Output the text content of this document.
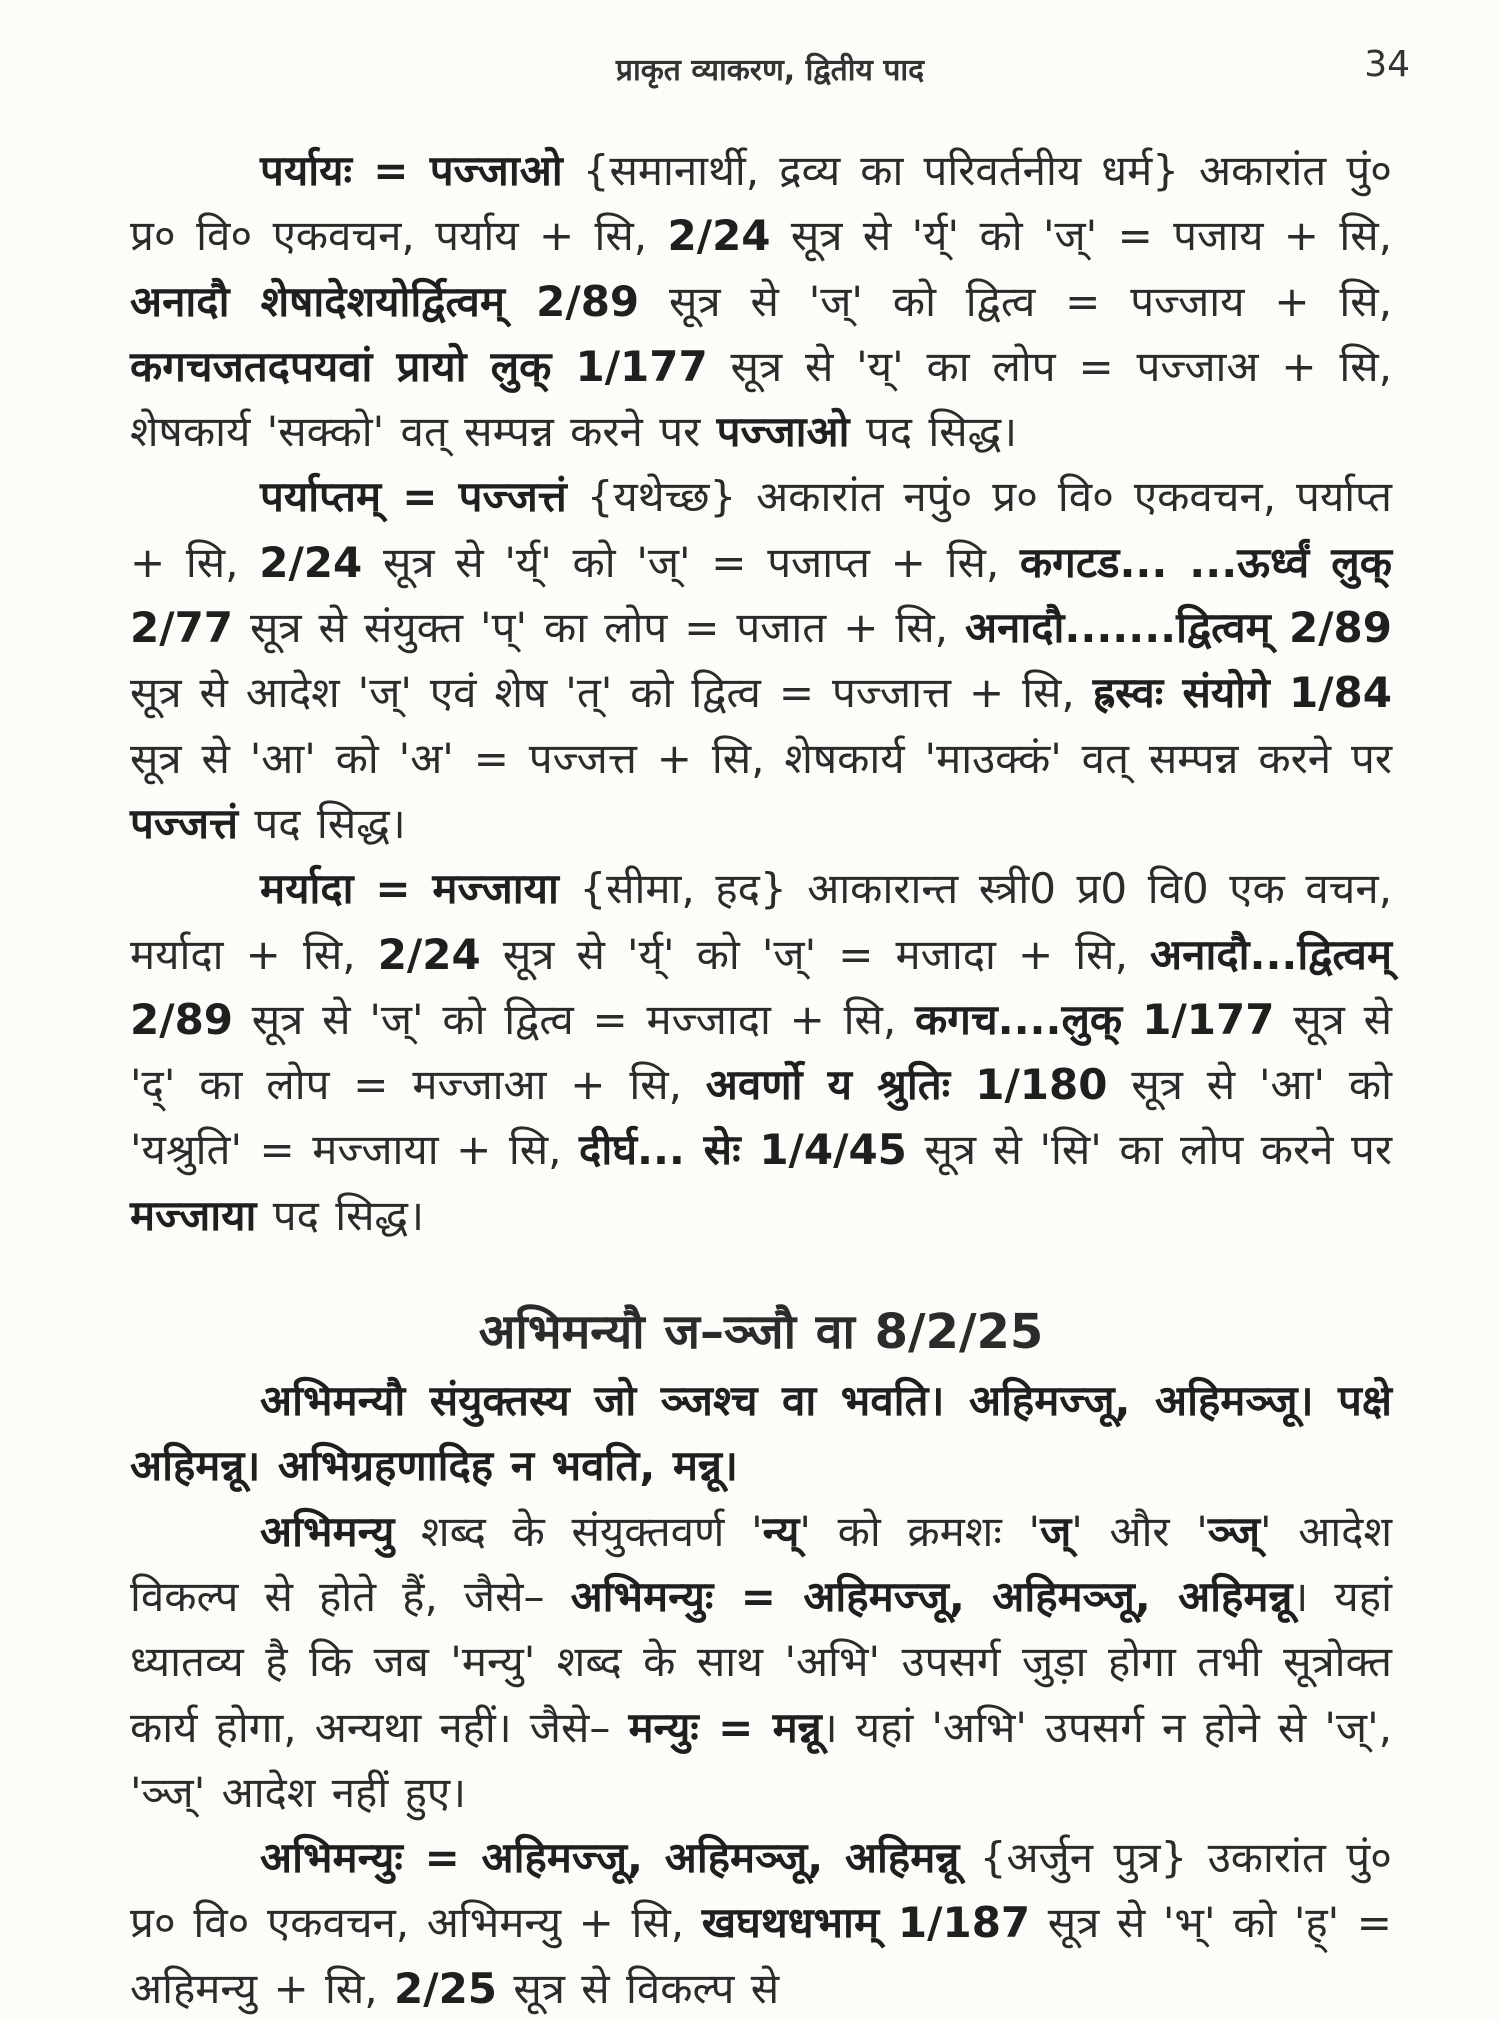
प्राकृत व्याकरण, द्वितीय पाद	34

पर्यायः = पज्जाओ {समानार्थी, द्रव्य का परिवर्तनीय धर्म} अकारांत पुं० प्र० वि० एकवचन, पर्याय + सि, 2/24 सूत्र से 'र्य्' को 'ज्' = पजाय + सि, अनादौ शेषादेशयोर्द्वित्वम् 2/89 सूत्र से 'ज्' को द्वित्व = पज्जाय + सि, कगचजतदपयवां प्रायो लुक् 1/177 सूत्र से 'य्' का लोप = पज्जाअ + सि, शेषकार्य 'सक्को' वत् सम्पन्न करने पर पज्जाओ पद सिद्ध।

पर्याप्तम् = पज्जत्तं {यथेच्छ} अकारांत नपुं० प्र० वि० एकवचन, पर्याप्त + सि, 2/24 सूत्र से 'र्य्' को 'ज्' = पजाप्त + सि, कगटड... ...ऊर्ध्वं लुक् 2/77 सूत्र से संयुक्त 'प्' का लोप = पजात + सि, अनादौ.......द्वित्वम् 2/89 सूत्र से आदेश 'ज्' एवं शेष 'त्' को द्वित्व = पज्जात्त + सि, ह्रस्वः संयोगे 1/84 सूत्र से 'आ' को 'अ' = पज्जत्त + सि, शेषकार्य 'माउक्कं' वत् सम्पन्न करने पर पज्जत्तं पद सिद्ध।

मर्यादा = मज्जाया {सीमा, हद} आकारान्त स्त्री0 प्र0 वि0 एक वचन, मर्यादा + सि, 2/24 सूत्र से 'र्य्' को 'ज्' = मजादा + सि, अनादौ...द्वित्वम् 2/89 सूत्र से 'ज्' को द्वित्व = मज्जादा + सि, कगच....लुक् 1/177 सूत्र से 'द्' का लोप = मज्जाआ + सि, अवर्णो य श्रुतिः 1/180 सूत्र से 'आ' को 'यश्रुति' = मज्जाया + सि, दीर्घ... सेः 1/4/45 सूत्र से 'सि' का लोप करने पर मज्जाया पद सिद्ध।

अभिमन्यौ ज–ञ्जौ वा 8/2/25

अभिमन्यौ संयुक्तस्य जो ञ्जश्च वा भवति। अहिमज्जू, अहिमञ्जू। पक्षे अहिमन्नू। अभिग्रहणादिह न भवति, मन्नू।

अभिमन्यु शब्द के संयुक्तवर्ण 'न्य्' को क्रमशः 'ज्' और 'ञ्ज्' आदेश विकल्प से होते हैं, जैसे– अभिमन्युः = अहिमज्जू, अहिमञ्जू, अहिमन्नू। यहां ध्यातव्य है कि जब 'मन्यु' शब्द के साथ 'अभि' उपसर्ग जुड़ा होगा तभी सूत्रोक्त कार्य होगा, अन्यथा नहीं। जैसे– मन्युः = मन्नू। यहां 'अभि' उपसर्ग न होने से 'ज्', 'ञ्ज्' आदेश नहीं हुए।

अभिमन्युः = अहिमज्जू, अहिमञ्जू, अहिमन्नू {अर्जुन पुत्र} उकारांत पुं० प्र० वि० एकवचन, अभिमन्यु + सि, खघथधभाम् 1/187 सूत्र से 'भ्' को 'ह्' = अहिमन्यु + सि, 2/25 सूत्र से विकल्प से
